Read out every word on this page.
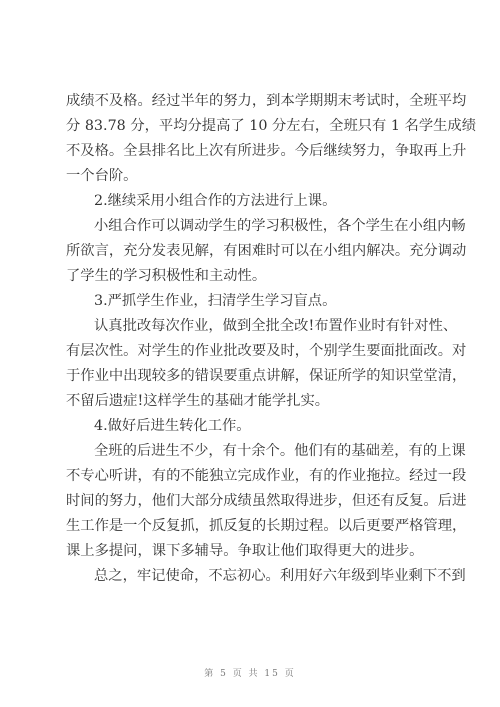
成绩不及格。经过半年的努力，到本学期期末考试时，全班平均
分 83.78 分，平均分提高了 10 分左右，全班只有 1 名学生成绩
不及格。全县排名比上次有所进步。今后继续努力，争取再上升
一个台阶。
2.继续采用小组合作的方法进行上课。
小组合作可以调动学生的学习积极性，各个学生在小组内畅
所欲言，充分发表见解，有困难时可以在小组内解决。充分调动
了学生的学习积极性和主动性。
3.严抓学生作业，扫清学生学习盲点。
认真批改每次作业，做到全批全改!布置作业时有针对性、
有层次性。对学生的作业批改要及时，个别学生要面批面改。对
于作业中出现较多的错误要重点讲解，保证所学的知识堂堂清，
不留后遗症!这样学生的基础才能学扎实。
4.做好后进生转化工作。
全班的后进生不少，有十余个。他们有的基础差，有的上课
不专心听讲，有的不能独立完成作业，有的作业拖拉。经过一段
时间的努力，他们大部分成绩虽然取得进步，但还有反复。后进
生工作是一个反复抓，抓反复的长期过程。以后更要严格管理，
课上多提问，课下多辅导。争取让他们取得更大的进步。
总之，牢记使命，不忘初心。利用好六年级到毕业剩下不到
第 5 页 共 15 页
